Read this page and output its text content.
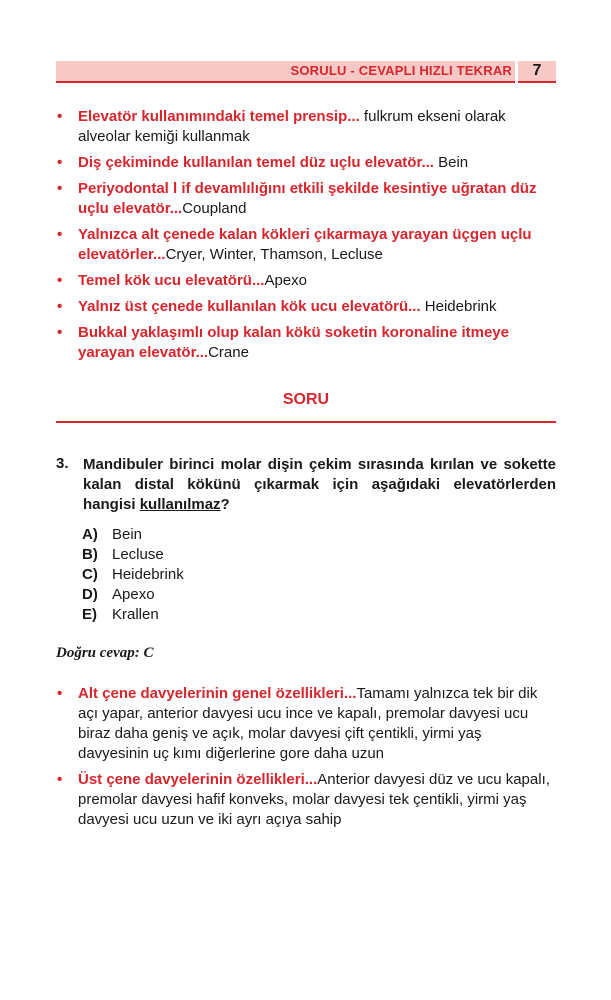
SORULU - CEVAPLI HIZLI TEKRAR	7
• Elevatör kullanımındaki temel prensip... fulkrum ekseni olarak alveolar kemiği kullanmak
• Diş çekiminde kullanılan temel düz uçlu elevatör... Bein
• Periyodontal l if devamlılığını etkili şekilde kesintiye uğratan düz uçlu elevatör...Coupland
• Yalnızca alt çenede kalan kökleri çıkarmaya yarayan üçgen uçlu elevatörler...Cryer, Winter, Thamson, Lecluse
• Temel kök ucu elevatörü...Apexo
• Yalnız üst çenede kullanılan kök ucu elevatörü... Heidebrink
• Bukkal yaklaşımlı olup kalan kökü soketin koronaline itmeye yarayan elevatör...Crane
SORU
3. Mandibuler birinci molar dişin çekim sırasında kırılan ve sokette kalan distal kökünü çıkarmak için aşağıdaki elevatörlerden hangisi kullanılmaz?
A) Bein
B) Lecluse
C) Heidebrink
D) Apexo
E) Krallen
Doğru cevap: C
• Alt çene davyelerinin genel özellikleri...Tamamı yalnızca tek bir dik açı yapar, anterior davyesi ucu ince ve kapalı, premolar davyesi ucu biraz daha geniş ve açık, molar davyesi çift çentikli, yirmi yaş davyesinin uç kımı diğerlerine gore daha uzun
• Üst çene davyelerinin özellikleri...Anterior davyesi düz ve ucu kapalı, premolar davyesi hafif konveks, molar davyesi tek çentikli, yirmi yaş davyesi ucu uzun ve iki ayrı açıya sahip
